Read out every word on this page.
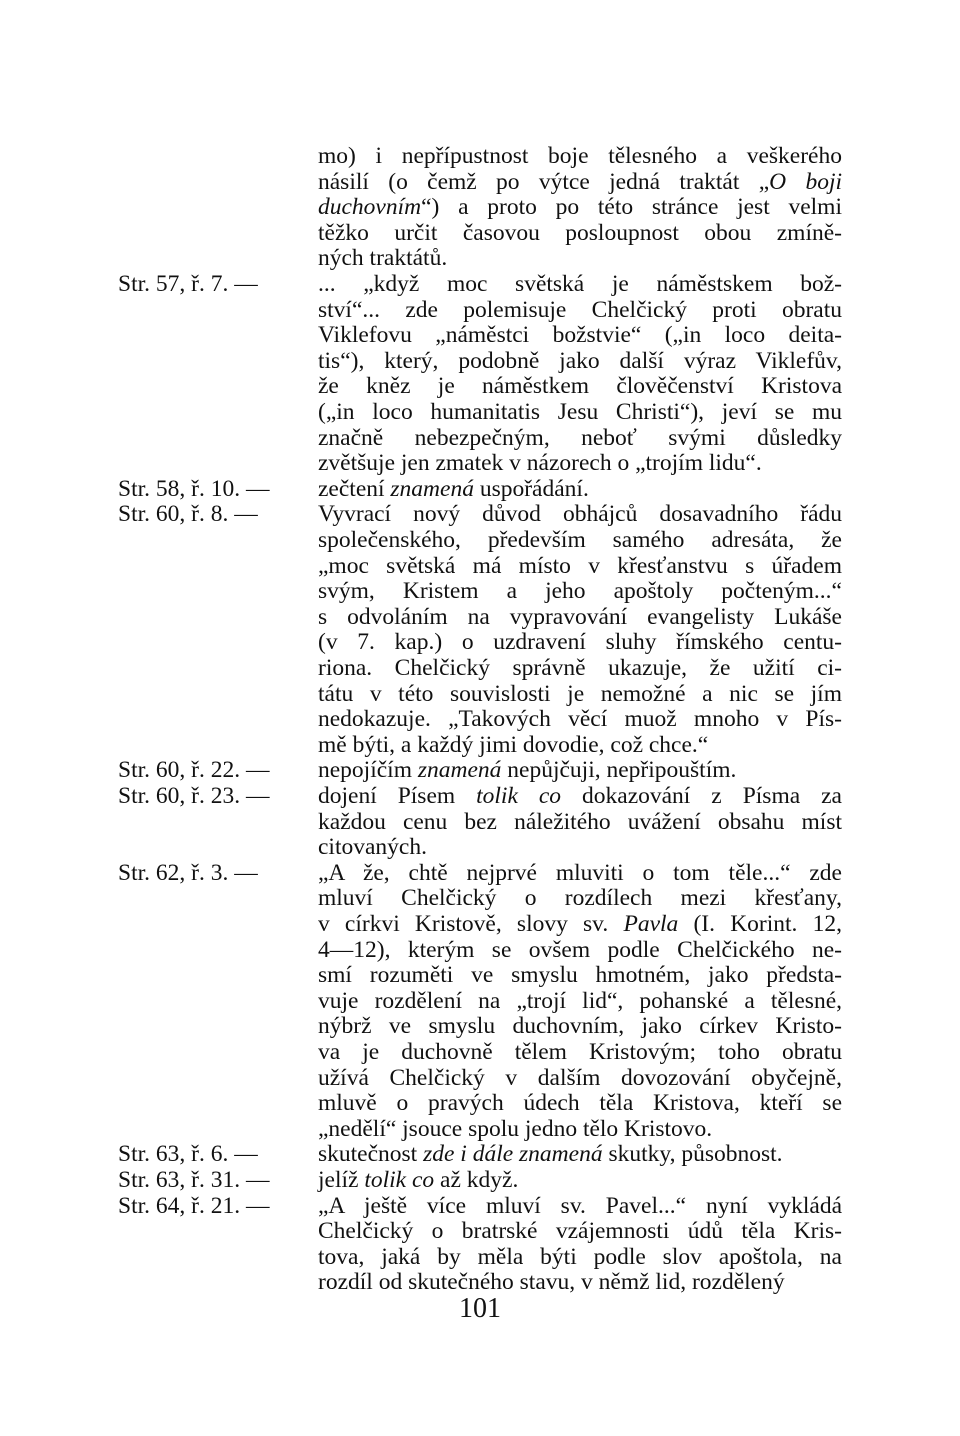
mo) i nepřípustnost boje tělesného a veškerého
násilí (o čemž po výtce jedná traktát „O boji
duchovním“) a proto po této stránce jest velmi
těžko určit časovou posloupnost obou zmíně-
ných traktátů.
Str. 57, ř. 7. —	... „když moc světská je náměstskem bož-
ství“... zde polemisuje Chelčický proti obratu
Viklefovu „náměstci božstvie“ („in loco deita-
tis“), který, podobně jako další výraz Viklefův,
že kněz je náměstkem člověčenství Kristova
(„in loco humanitatis Jesu Christi“), jeví se mu
značně nebezpečným, neboť svými důsledky
zvětšuje jen zmatek v názorech o „trojím lidu“.
Str. 58, ř. 10. —	zečtení znamená uspořádání.
Str. 60, ř. 8. —	Vyvrací nový důvod obhájců dosavadního řádu
společenského, především samého adresáta, že
„moc světská má místo v křesťanstvu s úřadem
svým, Kristem a jeho apoštoly počteným...“
s odvoláním na vypravování evangelisty Lukáše
(v 7. kap.) o uzdravení sluhy římského centu-
riona. Chelčický správně ukazuje, že užití ci-
tátu v této souvislosti je nemožné a nic se jím
nedokazuje. „Takových věcí muož mnoho v Pís-
mě býti, a každý jimi dovodie, což chce.“
Str. 60, ř. 22. —	nepojíčím znamená nepůjčuji, nepřipouštím.
Str. 60, ř. 23. —	dojení Písem tolik co dokazování z Písma za
každou cenu bez náležitého uvážení obsahu míst
citovaných.
Str. 62, ř. 3. —	„A že, chtě nejprvé mluviti o tom těle...“ zde
mluví Chelčický o rozdílech mezi křesťany,
v církvi Kristově, slovy sv. Pavla (I. Korint. 12,
4—12), kterým se ovšem podle Chelčického ne-
smí rozuměti ve smyslu hmotném, jako předsta-
vuje rozdělení na „trojí lid“, pohanské a tělesné,
nýbrž ve smyslu duchovním, jako církev Kristo-
va je duchovně tělem Kristovým; toho obratu
užívá Chelčický v dalším dovozování obyčejně,
mluvě o pravých údech těla Kristova, kteří se
„nedělí“ jsouce spolu jedno tělo Kristovo.
Str. 63, ř. 6. —	skutečnost zde i dále znamená skutky, působnost.
Str. 63, ř. 31. —	jelíž tolik co až když.
Str. 64, ř. 21. —	„A ještě více mluví sv. Pavel...“ nyní vykládá
Chelčický o bratrské vzájemnosti údů těla Kris-
tova, jaká by měla býti podle slov apoštola, na
rozdíl od skutečného stavu, v němž lid, rozdělený
101
